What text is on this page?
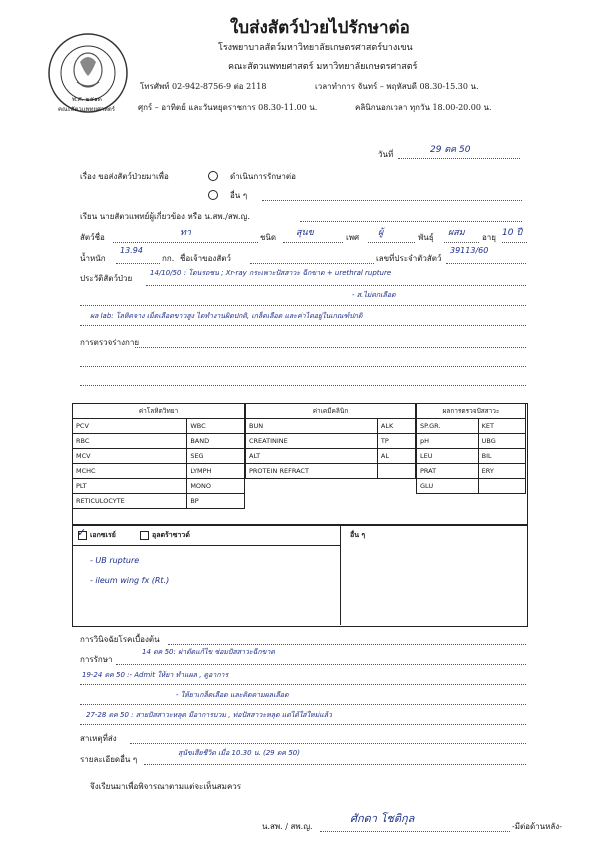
พ.ศ. ๒๕๑๓
คณะสัตวแพทยศาสตร์
ใบส่งสัตว์ป่วยไปรักษาต่อ
โรงพยาบาลสัตว์มหาวิทยาลัยเกษตรศาสตร์บางเขน
คณะสัตวแพทยศาสตร์ มหาวิทยาลัยเกษตรศาสตร์
โทรศัพท์ 02-942-8756-9 ต่อ 2118	เวลาทำการ จันทร์ – พฤหัสบดี 08.30-15.30 น.
ศุกร์ – อาทิตย์ และวันหยุดราชการ 08.30-11.00 น.	คลินิกนอกเวลา ทุกวัน 18.00-20.00 น.
วันที่	29 ตค 50
เรื่อง ขอส่งสัตว์ป่วยมาเพื่อ	ดำเนินการรักษาต่อ
อื่น ๆ
เรียน นายสัตวแพทย์ผู้เกี่ยวข้อง หรือ น.สพ./สพ.ญ.
สัตว์ชื่อ	ทา	ชนิด สุนข	เพศ ผู้	พันธุ์ ผสม อายุ 10 ปี
น้ำหนัก
13.94
กก. ชื่อเจ้าของสัตว์	เลขที่ประจำตัวสัตว์
39113/60
ประวัติสัตว์ป่วย
14/10/50 : โดนรถชน ; Xr-ray กระเพาะปัสสาวะ ฉีกขาด + urethral rupture
- ส.ไม่ตกเลือด
ผล lab: โลหิตจาง เม็ดเลือดขาวสูง ไตทำงานผิดปกติ, เกล็ดเลือด และค่าไตอยู่ในเกณฑ์ปกติ
การตรวจร่างกาย
ค่าโลหิตวิทยา	
PCV	WBC
RBC	BAND
MCV	SEG
MCHC	LYMPH
PLT	MONO
RETICULOCYTE	BP
ค่าเคมีคลินิก	
BUN	ALK
CREATININE	TP
ALT	AL
PROTEIN REFRACT	
ผลการตรวจปัสสาวะ	
SP.GR.	KET
pH	UBG
LEU	BIL
PRAT	ERY
GLU	
✓ เอกซเรย์	อุลตร้าซาวด์	อื่น ๆ
- UB rupture
- ileum wing fx (Rt.)
การวินิจฉัยโรคเบื้องต้น
การรักษา
14 ตค 50: ผ่าตัดแก้ไข ซ่อมปัสสาวะฉีกขาด
19-24 ตค 50 :- Admit ให้ยา ทำแผล , ดูอาการ
- ให้ยาเกล็ดเลือด และติดตามผลเลือด
27-28 ตค 50 : สายปัสสาวะหลุด มีอาการบวม , ท่อปัสสาวะหลุด แต่ได้ใส่ใหม่แล้ว
สาเหตุที่ส่ง
รายละเอียดอื่น ๆ
สุนัขเสียชีวิต เมื่อ 10.30 น. (29 ตค 50)
จึงเรียนมาเพื่อพิจารณาตามแต่จะเห็นสมควร
น.สพ. / สพ.ญ.
ศักดา โชติกุล
-มีต่อด้านหลัง-
